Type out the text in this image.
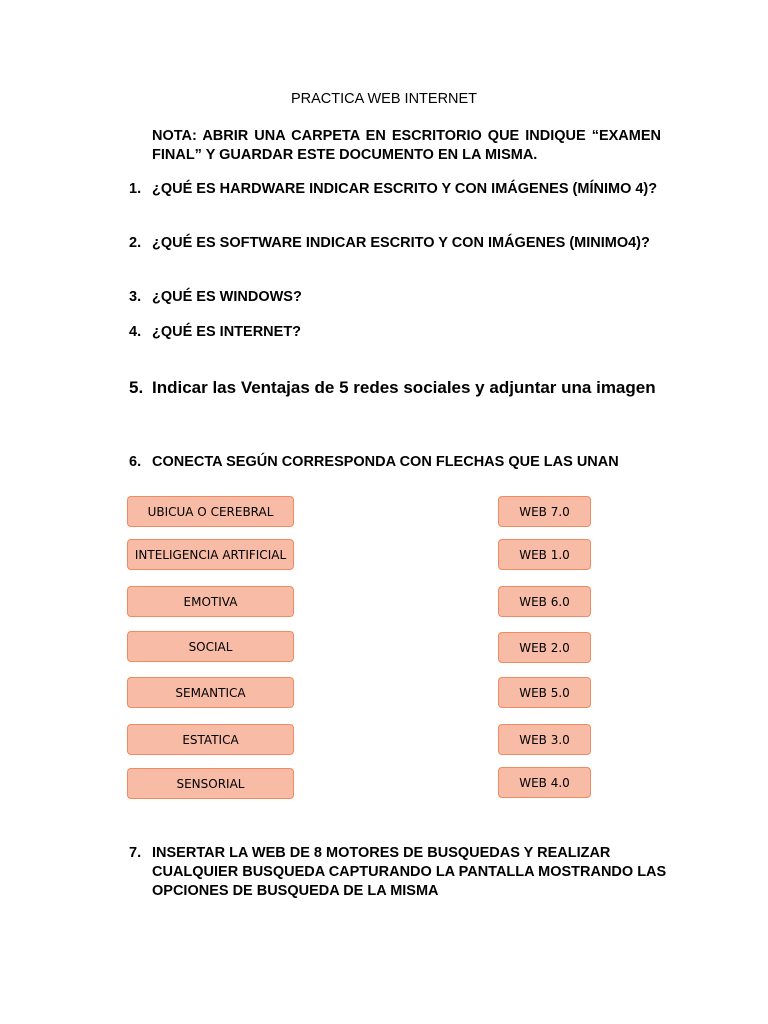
PRACTICA WEB INTERNET
NOTA: ABRIR UNA CARPETA EN ESCRITORIO QUE INDIQUE “EXAMEN FINAL” Y GUARDAR ESTE DOCUMENTO EN LA MISMA.
1. ¿QUÉ ES HARDWARE INDICAR ESCRITO Y CON IMÁGENES (MÍNIMO 4)?
2. ¿QUÉ ES SOFTWARE INDICAR ESCRITO Y CON IMÁGENES (MINIMO4)?
3. ¿QUÉ ES WINDOWS?
4. ¿QUÉ ES INTERNET?
5. Indicar las Ventajas de 5 redes sociales y adjuntar una imagen
6. CONECTA SEGÚN CORRESPONDA CON FLECHAS QUE LAS UNAN
UBICUA O CEREBRAL
INTELIGENCIA ARTIFICIAL
EMOTIVA
SOCIAL
SEMANTICA
ESTATICA
SENSORIAL
WEB 7.0
WEB 1.0
WEB 6.0
WEB 2.0
WEB 5.0
WEB 3.0
WEB 4.0
7. INSERTAR LA WEB DE 8 MOTORES DE BUSQUEDAS Y REALIZAR CUALQUIER BUSQUEDA CAPTURANDO LA PANTALLA MOSTRANDO LAS OPCIONES DE BUSQUEDA DE LA MISMA
